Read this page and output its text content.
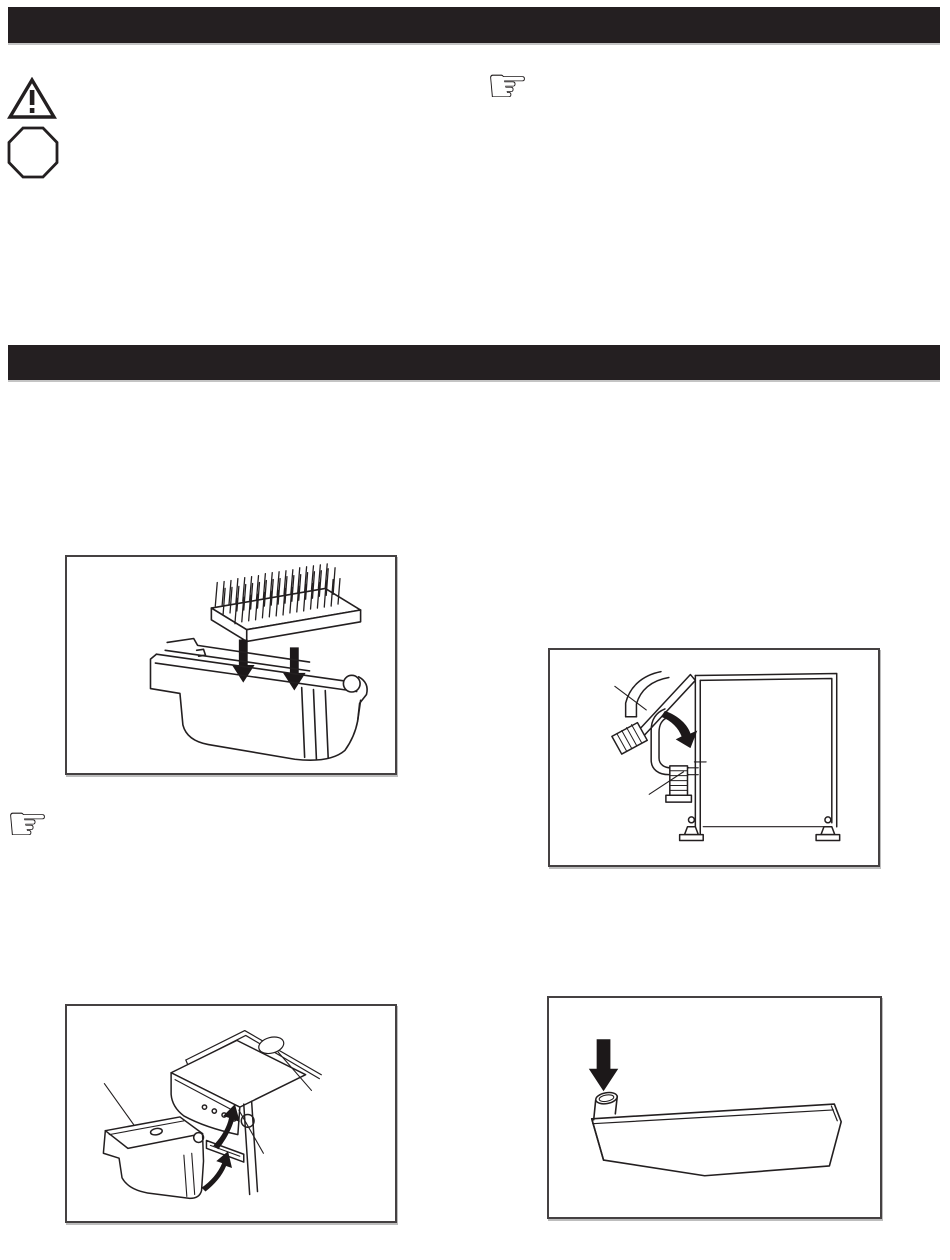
☞
☞
